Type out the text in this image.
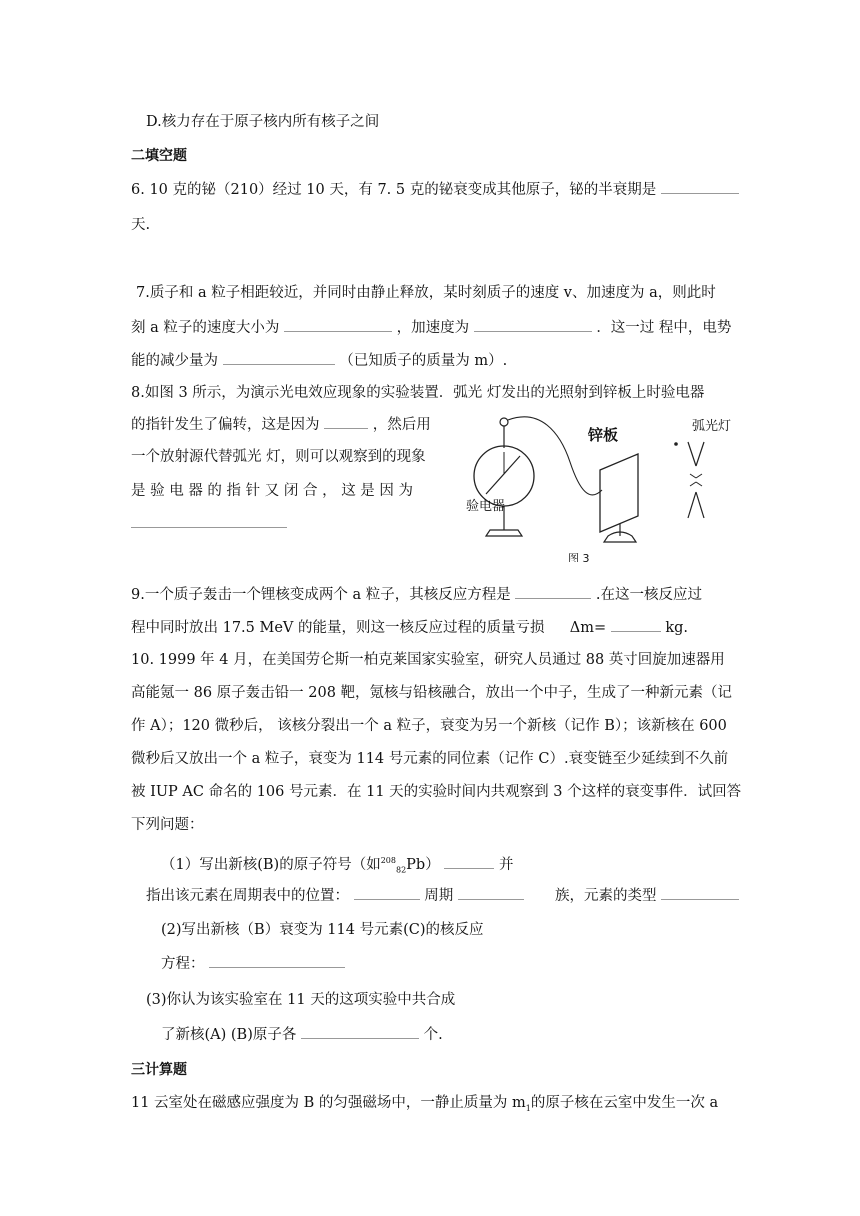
D.核力存在于原子核内所有核子之间
二填空题
6. 10 克的铋（210）经过 10 天，有 7. 5 克的铋衰变成其他原子，铋的半衰期是
天.
7.质子和 a 粒子相距较近，并同时由静止释放，某时刻质子的速度 v、加速度为 a，则此时
刻 a 粒子的速度大小为	，加速度为	．这一过 程中，电势
能的减少量为	（已知质子的质量为 m）.
8.如图 3 所示，为演示光电效应现象的实验装置．弧光 灯发出的光照射到锌板上时验电器
的指针发生了偏转，这是因为	，然后用
一个放射源代替弧光 灯，则可以观察到的现象
是 验 电 器 的 指 针 又 闭 合 ， 这 是 因 为
锌板	弧光灯
验电器
图 3
9.一个质子轰击一个锂核变成两个 a 粒子，其核反应方程是	.在这一核反应过
程中同时放出 17.5 MeV 的能量，则这一核反应过程的质量亏损 Δm=	kg.
10. 1999 年 4 月，在美国劳仑斯一柏克莱国家实验室，研究人员通过 88 英寸回旋加速器用
高能氪一 86 原子轰击铅一 208 靶，氪核与铅核融合，放出一个中子，生成了一种新元素（记
作 A）；120 微秒后， 该核分裂出一个 a 粒子，衰变为另一个新核（记作 B）；该新核在 600
微秒后又放出一个 a 粒子，衰变为 114 号元素的同位素（记作 C）.衰变链至少延续到不久前
被 IUP AC 命名的 106 号元素．在 11 天的实验时间内共观察到 3 个这样的衰变事件．试回答
下列问题：
（1）写出新核(B)的原子符号（如$^{208}_{82}$Pb）	并
指出该元素在周期表中的位置：	周期	族，元素的类型
(2)写出新核（B）衰变为 114 号元素(C)的核反应
方程：
(3)你认为该实验室在 11 天的这项实验中共合成
了新核(A) (B)原子各	个.
三计算题
11 云室处在磁感应强度为 B 的匀强磁场中，一静止质量为 $m_1$的原子核在云室中发生一次 a
